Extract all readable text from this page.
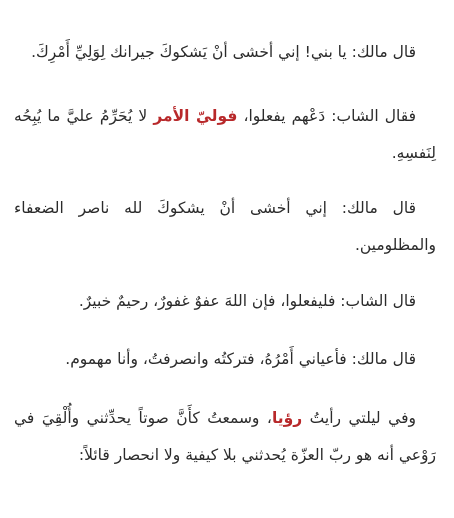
قال مالك: يا بني! إني أخشى أنْ يَشكوكَ جيرانك لِوَلِيِّ أَمْرِكَ.

فقال الشاب: دَعْهم يفعلوا، فوليّ الأمر لا يُحَرِّمُ عليَّ ما يُبِحُه لِنَفسِهِ.

قال مالك: إني أخشى أنْ يشكوكَ لله ناصر الضعفاء والمظلومين.

قال الشاب: فليفعلوا، فإن اللهَ عفوٌ غفورٌ، رحيمٌ خبيرٌ.

قال مالك: فأعياني أَمْرُهُ، فتركتُه وانصرفتُ، وأنا مهموم.

وفي ليلتي رأيتُ رؤيا، وسمعتُ كأَنَّ صوتاً يحدِّثني وأُلْقِيَ في رَوْعي أنه هو ربّ العزّة يُحدثني بلا كيفية ولا انحصار قائلاً:
